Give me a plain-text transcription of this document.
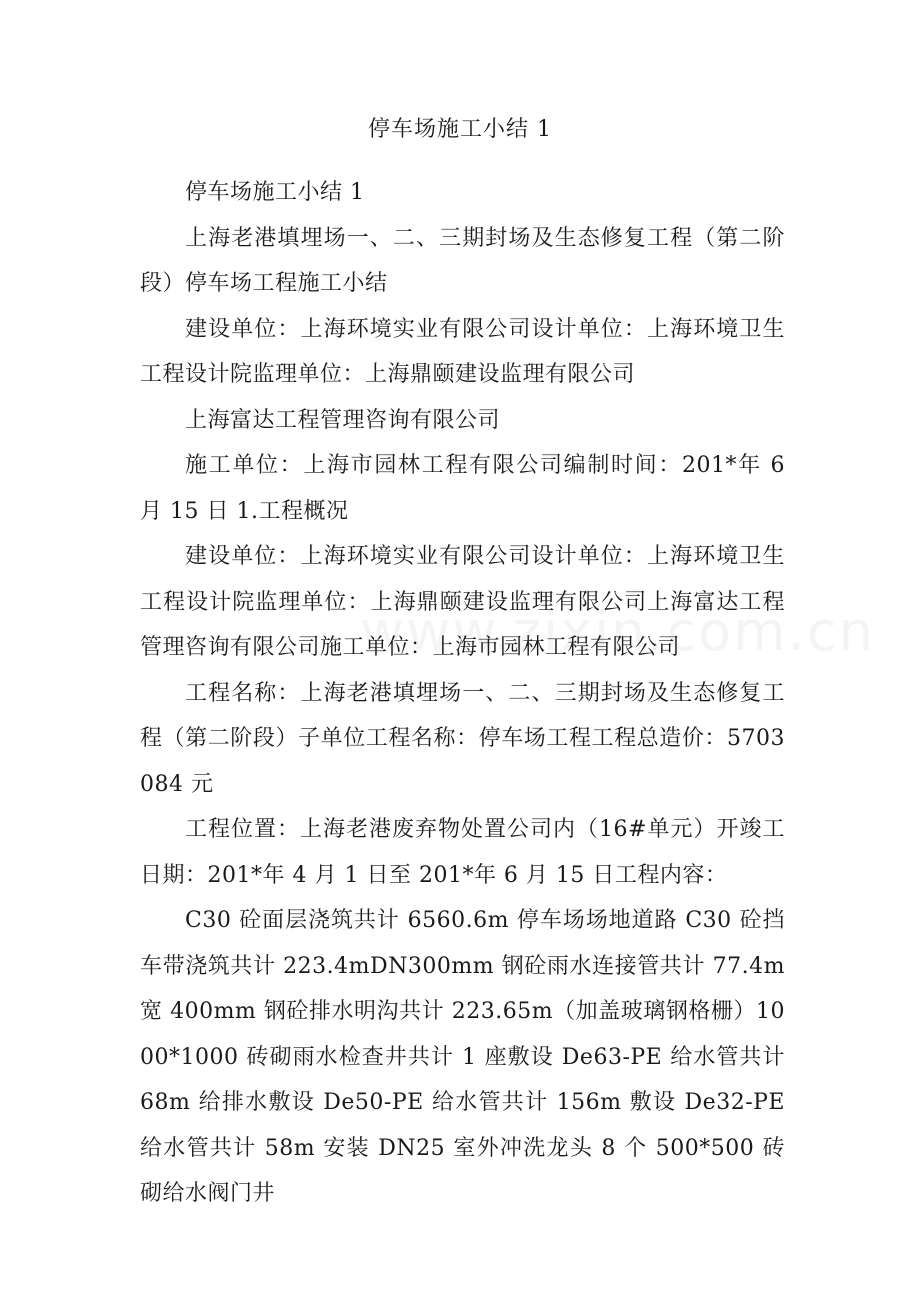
停车场施工小结 1

停车场施工小结 1

上海老港填埋场一、二、三期封场及生态修复工程（第二阶段）停车场工程施工小结

建设单位：上海环境实业有限公司设计单位：上海环境卫生工程设计院监理单位：上海鼎颐建设监理有限公司

上海富达工程管理咨询有限公司

施工单位：上海市园林工程有限公司编制时间：201*年 6 月 15 日 1.工程概况

建设单位：上海环境实业有限公司设计单位：上海环境卫生工程设计院监理单位：上海鼎颐建设监理有限公司上海富达工程管理咨询有限公司施工单位：上海市园林工程有限公司

工程名称：上海老港填埋场一、二、三期封场及生态修复工程（第二阶段）子单位工程名称：停车场工程工程总造价：5703084 元

工程位置：上海老港废弃物处置公司内（16#单元）开竣工日期：201*年 4 月 1 日至 201*年 6 月 15 日工程内容：

C30 砼面层浇筑共计 6560.6m 停车场场地道路 C30 砼挡车带浇筑共计 223.4mDN300mm 钢砼雨水连接管共计 77.4m 宽 400mm 钢砼排水明沟共计 223.65m（加盖玻璃钢格栅）1000*1000 砖砌雨水检查井共计 1 座敷设 De63-PE 给水管共计 68m 给排水敷设 De50-PE 给水管共计 156m 敷设 De32-PE 给水管共计 58m 安装 DN25 室外冲洗龙头 8 个 500*500 砖砌给水阀门井
